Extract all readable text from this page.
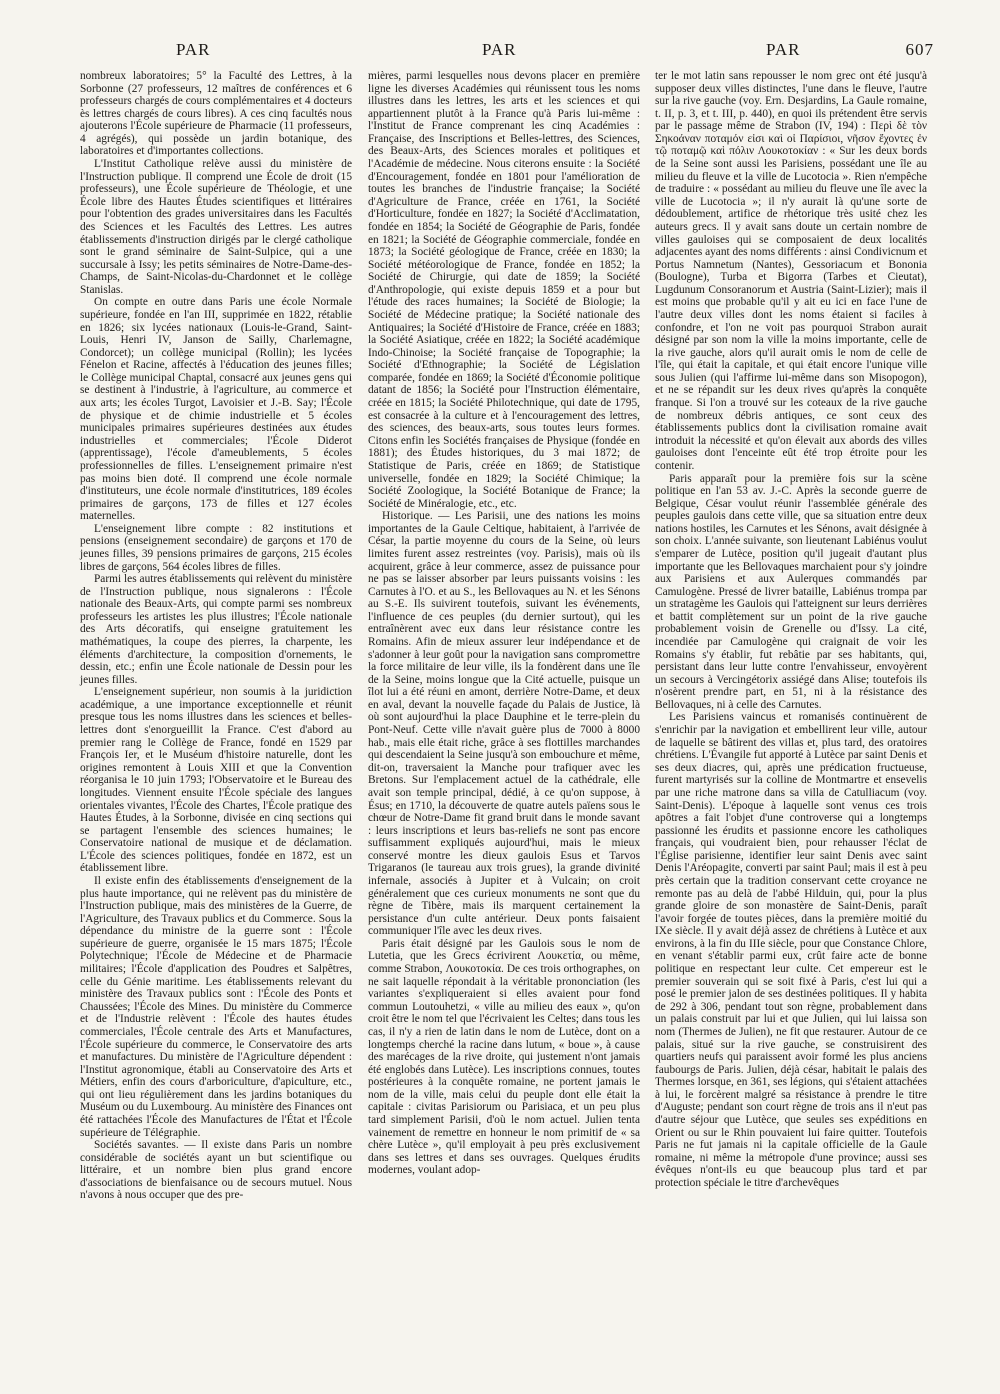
PAR	PAR	PAR	607

nombreux laboratoires; 5° la Faculté des Lettres, à la Sorbonne (27 professeurs, 12 maîtres de conférences et 6 professeurs chargés de cours complémentaires et 4 docteurs ès lettres chargés de cours libres). A ces cinq facultés nous ajouterons l'École supérieure de Pharmacie (11 professeurs, 4 agrégés), qui possède un jardin botanique, des laboratoires et d'importantes collections.

L'Institut Catholique relève aussi du ministère de l'Instruction publique. Il comprend une École de droit (15 professeurs), une École supérieure de Théologie, et une École libre des Hautes Études scientifiques et littéraires pour l'obtention des grades universitaires dans les Facultés des Sciences et les Facultés des Lettres. Les autres établissements d'instruction dirigés par le clergé catholique sont le grand séminaire de Saint-Sulpice, qui a une succursale à Issy; les petits séminaires de Notre-Dame-des-Champs, de Saint-Nicolas-du-Chardonnet et le collège Stanislas.

On compte en outre dans Paris une école Normale supérieure, fondée en l'an III, supprimée en 1822, rétablie en 1826; six lycées nationaux (Louis-le-Grand, Saint-Louis, Henri IV, Janson de Sailly, Charlemagne, Condorcet); un collège municipal (Rollin); les lycées Fénelon et Racine, affectés à l'éducation des jeunes filles; le Collège municipal Chaptal, consacré aux jeunes gens qui se destinent à l'industrie, à l'agriculture, au commerce et aux arts; les écoles Turgot, Lavoisier et J.-B. Say; l'École de physique et de chimie industrielle et 5 écoles municipales primaires supérieures destinées aux études industrielles et commerciales; l'École Diderot (apprentissage), l'école d'ameublements, 5 écoles professionnelles de filles. L'enseignement primaire n'est pas moins bien doté. Il comprend une école normale d'instituteurs, une école normale d'institutrices, 189 écoles primaires de garçons, 173 de filles et 127 écoles maternelles.

L'enseignement libre compte : 82 institutions et pensions (enseignement secondaire) de garçons et 170 de jeunes filles, 39 pensions primaires de garçons, 215 écoles libres de garçons, 564 écoles libres de filles.

Parmi les autres établissements qui relèvent du ministère de l'Instruction publique, nous signalerons : l'École nationale des Beaux-Arts, qui compte parmi ses nombreux professeurs les artistes les plus illustres; l'École nationale des Arts décoratifs, qui enseigne gratuitement les mathématiques, la coupe des pierres, la charpente, les éléments d'architecture, la composition d'ornements, le dessin, etc.; enfin une École nationale de Dessin pour les jeunes filles.

L'enseignement supérieur, non soumis à la juridiction académique, a une importance exceptionnelle et réunit presque tous les noms illustres dans les sciences et belles-lettres dont s'enorgueillit la France. C'est d'abord au premier rang le Collège de France, fondé en 1529 par François Ier, et le Muséum d'histoire naturelle, dont les origines remontent à Louis XIII et que la Convention réorganisa le 10 juin 1793; l'Observatoire et le Bureau des longitudes. Viennent ensuite l'École spéciale des langues orientales vivantes, l'École des Chartes, l'École pratique des Hautes Études, à la Sorbonne, divisée en cinq sections qui se partagent l'ensemble des sciences humaines; le Conservatoire national de musique et de déclamation. L'École des sciences politiques, fondée en 1872, est un établissement libre.

Il existe enfin des établissements d'enseignement de la plus haute importance, qui ne relèvent pas du ministère de l'Instruction publique, mais des ministères de la Guerre, de l'Agriculture, des Travaux publics et du Commerce. Sous la dépendance du ministre de la guerre sont : l'École supérieure de guerre, organisée le 15 mars 1875; l'École Polytechnique; l'École de Médecine et de Pharmacie militaires; l'École d'application des Poudres et Salpêtres, celle du Génie maritime. Les établissements relevant du ministère des Travaux publics sont : l'École des Ponts et Chaussées; l'École des Mines. Du ministère du Commerce et de l'Industrie relèvent : l'École des hautes études commerciales, l'École centrale des Arts et Manufactures, l'École supérieure du commerce, le Conservatoire des arts et manufactures. Du ministère de l'Agriculture dépendent : l'Institut agronomique, établi au Conservatoire des Arts et Métiers, enfin des cours d'arboriculture, d'apiculture, etc., qui ont lieu régulièrement dans les jardins botaniques du Muséum ou du Luxembourg. Au ministère des Finances ont été rattachées l'École des Manufactures de l'État et l'École supérieure de Télégraphie.

Sociétés savantes. — Il existe dans Paris un nombre considérable de sociétés ayant un but scientifique ou littéraire, et un nombre bien plus grand encore d'associations de bienfaisance ou de secours mutuel. Nous n'avons à nous occuper que des pre-

mières, parmi lesquelles nous devons placer en première ligne les diverses Académies qui réunissent tous les noms illustres dans les lettres, les arts et les sciences et qui appartiennent plutôt à la France qu'à Paris lui-même : l'Institut de France comprenant les cinq Académies : Française, des Inscriptions et Belles-lettres, des Sciences, des Beaux-Arts, des Sciences morales et politiques et l'Académie de médecine. Nous citerons ensuite : la Société d'Encouragement, fondée en 1801 pour l'amélioration de toutes les branches de l'industrie française; la Société d'Agriculture de France, créée en 1761, la Société d'Horticulture, fondée en 1827; la Société d'Acclimatation, fondée en 1854; la Société de Géographie de Paris, fondée en 1821; la Société de Géographie commerciale, fondée en 1873; la Société géologique de France, créée en 1830; la Société météorologique de France, fondée en 1852; la Société de Chirurgie, qui date de 1859; la Société d'Anthropologie, qui existe depuis 1859 et a pour but l'étude des races humaines; la Société de Biologie; la Société de Médecine pratique; la Société nationale des Antiquaires; la Société d'Histoire de France, créée en 1883; la Société Asiatique, créée en 1822; la Société académique Indo-Chinoise; la Société française de Topographie; la Société d'Ethnographie; la Société de Législation comparée, fondée en 1869; la Société d'Économie politique datant de 1856; la Société pour l'Instruction élémentaire, créée en 1815; la Société Philotechnique, qui date de 1795, est consacrée à la culture et à l'encouragement des lettres, des sciences, des beaux-arts, sous toutes leurs formes. Citons enfin les Sociétés françaises de Physique (fondée en 1881); des Études historiques, du 3 mai 1872; de Statistique de Paris, créée en 1869; de Statistique universelle, fondée en 1829; la Société Chimique; la Société Zoologique, la Société Botanique de France; la Société de Minéralogie, etc., etc.

Historique. — Les Parisii, une des nations les moins importantes de la Gaule Celtique, habitaient, à l'arrivée de César, la partie moyenne du cours de la Seine, où leurs limites furent assez restreintes (voy. Parisis), mais où ils acquirent, grâce à leur commerce, assez de puissance pour ne pas se laisser absorber par leurs puissants voisins : les Carnutes à l'O. et au S., les Bellovaques au N. et les Sénons au S.-E. Ils suivirent toutefois, suivant les événements, l'influence de ces peuples (du dernier surtout), qui les entraînèrent avec eux dans leur résistance contre les Romains. Afin de mieux assurer leur indépendance et de s'adonner à leur goût pour la navigation sans compromettre la force militaire de leur ville, ils la fondèrent dans une île de la Seine, moins longue que la Cité actuelle, puisque un îlot lui a été réuni en amont, derrière Notre-Dame, et deux en aval, devant la nouvelle façade du Palais de Justice, là où sont aujourd'hui la place Dauphine et le terre-plein du Pont-Neuf. Cette ville n'avait guère plus de 7000 à 8000 hab., mais elle était riche, grâce à ses flottilles marchandes qui descendaient la Seine jusqu'à son embouchure et même, dit-on, traversaient la Manche pour trafiquer avec les Bretons. Sur l'emplacement actuel de la cathédrale, elle avait son temple principal, dédié, à ce qu'on suppose, à Ésus; en 1710, la découverte de quatre autels païens sous le chœur de Notre-Dame fit grand bruit dans le monde savant : leurs inscriptions et leurs bas-reliefs ne sont pas encore suffisamment expliqués aujourd'hui, mais le mieux conservé montre les dieux gaulois Esus et Tarvos Trigaranos (le taureau aux trois grues), la grande divinité infernale, associés à Jupiter et à Vulcain; on croit généralement que ces curieux monuments ne sont que du règne de Tibère, mais ils marquent certainement la persistance d'un culte antérieur. Deux ponts faisaient communiquer l'île avec les deux rives.

Paris était désigné par les Gaulois sous le nom de Lutetia, que les Grecs écrivirent Λουκετία, ou même, comme Strabon, Λουκοτοκία. De ces trois orthographes, on ne sait laquelle répondait à la véritable prononciation (les variantes s'expliqueraient si elles avaient pour fond commun Loutouhetzi, « ville au milieu des eaux », qu'on croit être le nom tel que l'écrivaient les Celtes; dans tous les cas, il n'y a rien de latin dans le nom de Lutèce, dont on a longtemps cherché la racine dans lutum, « boue », à cause des marécages de la rive droite, qui justement n'ont jamais été englobés dans Lutèce). Les inscriptions connues, toutes postérieures à la conquête romaine, ne portent jamais le nom de la ville, mais celui du peuple dont elle était la capitale : civitas Parisiorum ou Parisiaca, et un peu plus tard simplement Parisii, d'où le nom actuel. Julien tenta vainement de remettre en honneur le nom primitif de « sa chère Lutèce », qu'il employait à peu près exclusivement dans ses lettres et dans ses ouvrages. Quelques érudits modernes, voulant adop-

ter le mot latin sans repousser le nom grec ont été jusqu'à supposer deux villes distinctes, l'une dans le fleuve, l'autre sur la rive gauche (voy. Ern. Desjardins, La Gaule romaine, t. II, p. 3, et t. III, p. 440), en quoi ils prétendent être servis par le passage même de Strabon (IV, 194) : Περὶ δὲ τὸν Σηκοάναν ποταμόν εἰσι καὶ οἱ Παρίσιοι, νῆσον ἔχοντες ἐν τῷ ποταμῷ καὶ πόλιν Λουκοτοκίαν : « Sur les deux bords de la Seine sont aussi les Parisiens, possédant une île au milieu du fleuve et la ville de Lucotocia ». Rien n'empêche de traduire : « possédant au milieu du fleuve une île avec la ville de Lucotocia »; il n'y aurait là qu'une sorte de dédoublement, artifice de rhétorique très usité chez les auteurs grecs. Il y avait sans doute un certain nombre de villes gauloises qui se composaient de deux localités adjacentes ayant des noms différents : ainsi Condivicnum et Portus Namnetum (Nantes), Gessoriacum et Bononia (Boulogne), Turba et Bigorra (Tarbes et Cieutat), Lugdunum Consoranorum et Austria (Saint-Lizier); mais il est moins que probable qu'il y ait eu ici en face l'une de l'autre deux villes dont les noms étaient si faciles à confondre, et l'on ne voit pas pourquoi Strabon aurait désigné par son nom la ville la moins importante, celle de la rive gauche, alors qu'il aurait omis le nom de celle de l'île, qui était la capitale, et qui était encore l'unique ville sous Julien (qui l'affirme lui-même dans son Misopogon), et ne se répandit sur les deux rives qu'après la conquête franque. Si l'on a trouvé sur les coteaux de la rive gauche de nombreux débris antiques, ce sont ceux des établissements publics dont la civilisation romaine avait introduit la nécessité et qu'on élevait aux abords des villes gauloises dont l'enceinte eût été trop étroite pour les contenir.

Paris apparaît pour la première fois sur la scène politique en l'an 53 av. J.-C. Après la seconde guerre de Belgique, César voulut réunir l'assemblée générale des peuples gaulois dans cette ville, que sa situation entre deux nations hostiles, les Carnutes et les Sénons, avait désignée à son choix. L'année suivante, son lieutenant Labiénus voulut s'emparer de Lutèce, position qu'il jugeait d'autant plus importante que les Bellovaques marchaient pour s'y joindre aux Parisiens et aux Aulerques commandés par Camulogène. Pressé de livrer bataille, Labiénus trompa par un stratagème les Gaulois qui l'atteignent sur leurs derrières et battit complètement sur un point de la rive gauche probablement voisin de Grenelle ou d'Issy. La cité, incendiée par Camulogène qui craignait de voir les Romains s'y établir, fut rebâtie par ses habitants, qui, persistant dans leur lutte contre l'envahisseur, envoyèrent un secours à Vercingétorix assiégé dans Alise; toutefois ils n'osèrent prendre part, en 51, ni à la résistance des Bellovaques, ni à celle des Carnutes.

Les Parisiens vaincus et romanisés continuèrent de s'enrichir par la navigation et embellirent leur ville, autour de laquelle se bâtirent des villas et, plus tard, des oratoires chrétiens. L'Évangile fut apporté à Lutèce par saint Denis et ses deux diacres, qui, après une prédication fructueuse, furent martyrisés sur la colline de Montmartre et ensevelis par une riche matrone dans sa villa de Catulliacum (voy. Saint-Denis). L'époque à laquelle sont venus ces trois apôtres a fait l'objet d'une controverse qui a longtemps passionné les érudits et passionne encore les catholiques français, qui voudraient bien, pour rehausser l'éclat de l'Église parisienne, identifier leur saint Denis avec saint Denis l'Aréopagite, converti par saint Paul; mais il est à peu près certain que la tradition conservant cette croyance ne remonte pas au delà de l'abbé Hilduin, qui, pour la plus grande gloire de son monastère de Saint-Denis, paraît l'avoir forgée de toutes pièces, dans la première moitié du IXe siècle. Il y avait déjà assez de chrétiens à Lutèce et aux environs, à la fin du IIIe siècle, pour que Constance Chlore, en venant s'établir parmi eux, crût faire acte de bonne politique en respectant leur culte. Cet empereur est le premier souverain qui se soit fixé à Paris, c'est lui qui a posé le premier jalon de ses destinées politiques. Il y habita de 292 à 306, pendant tout son règne, probablement dans un palais construit par lui et que Julien, qui lui laissa son nom (Thermes de Julien), ne fit que restaurer. Autour de ce palais, situé sur la rive gauche, se construisirent des quartiers neufs qui paraissent avoir formé les plus anciens faubourgs de Paris. Julien, déjà césar, habitait le palais des Thermes lorsque, en 361, ses légions, qui s'étaient attachées à lui, le forcèrent malgré sa résistance à prendre le titre d'Auguste; pendant son court règne de trois ans il n'eut pas d'autre séjour que Lutèce, que seules ses expéditions en Orient ou sur le Rhin pouvaient lui faire quitter. Toutefois Paris ne fut jamais ni la capitale officielle de la Gaule romaine, ni même la métropole d'une province; aussi ses évêques n'ont-ils eu que beaucoup plus tard et par protection spéciale le titre d'archevêques
